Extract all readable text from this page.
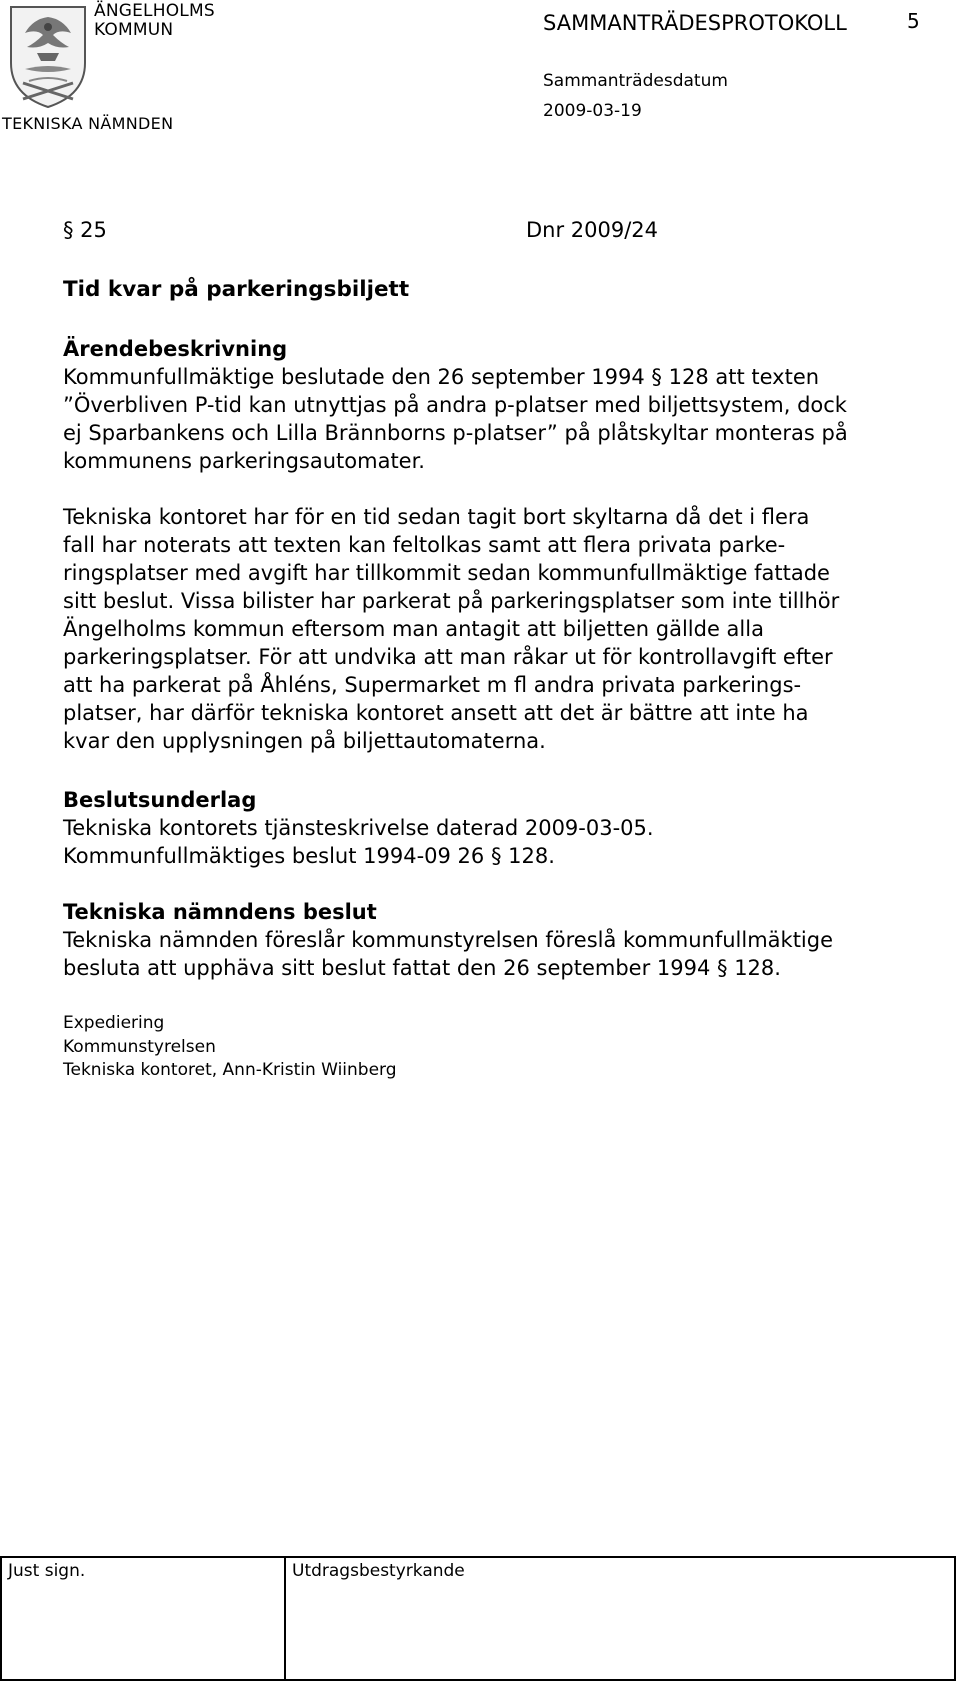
ÄNGELHOLMS
KOMMUN
TEKNISKA NÄMNDEN
SAMMANTRÄDESPROTOKOLL	5
Sammanträdesdatum
2009-03-19
§ 25	Dnr 2009/24
Tid kvar på parkeringsbiljett
Ärendebeskrivning
Kommunfullmäktige beslutade den 26 september 1994 § 128 att texten
”Överbliven P-tid kan utnyttjas på andra p-platser med biljettsystem, dock
ej Sparbankens och Lilla Brännborns p-platser” på plåtskyltar monteras på
kommunens parkeringsautomater.
Tekniska kontoret har för en tid sedan tagit bort skyltarna då det i flera
fall har noterats att texten kan feltolkas samt att flera privata parke-
ringsplatser med avgift har tillkommit sedan kommunfullmäktige fattade
sitt beslut. Vissa bilister har parkerat på parkeringsplatser som inte tillhör
Ängelholms kommun eftersom man antagit att biljetten gällde alla
parkeringsplatser. För att undvika att man råkar ut för kontrollavgift efter
att ha parkerat på Åhléns, Supermarket m fl andra privata parkerings-
platser, har därför tekniska kontoret ansett att det är bättre att inte ha
kvar den upplysningen på biljettautomaterna.
Beslutsunderlag
Tekniska kontorets tjänsteskrivelse daterad 2009-03-05.
Kommunfullmäktiges beslut 1994-09 26 § 128.
Tekniska nämndens beslut
Tekniska nämnden föreslår kommunstyrelsen föreslå kommunfullmäktige
besluta att upphäva sitt beslut fattat den 26 september 1994 § 128.
Expediering
Kommunstyrelsen
Tekniska kontoret, Ann-Kristin Wiinberg
Just sign.	Utdragsbestyrkande
